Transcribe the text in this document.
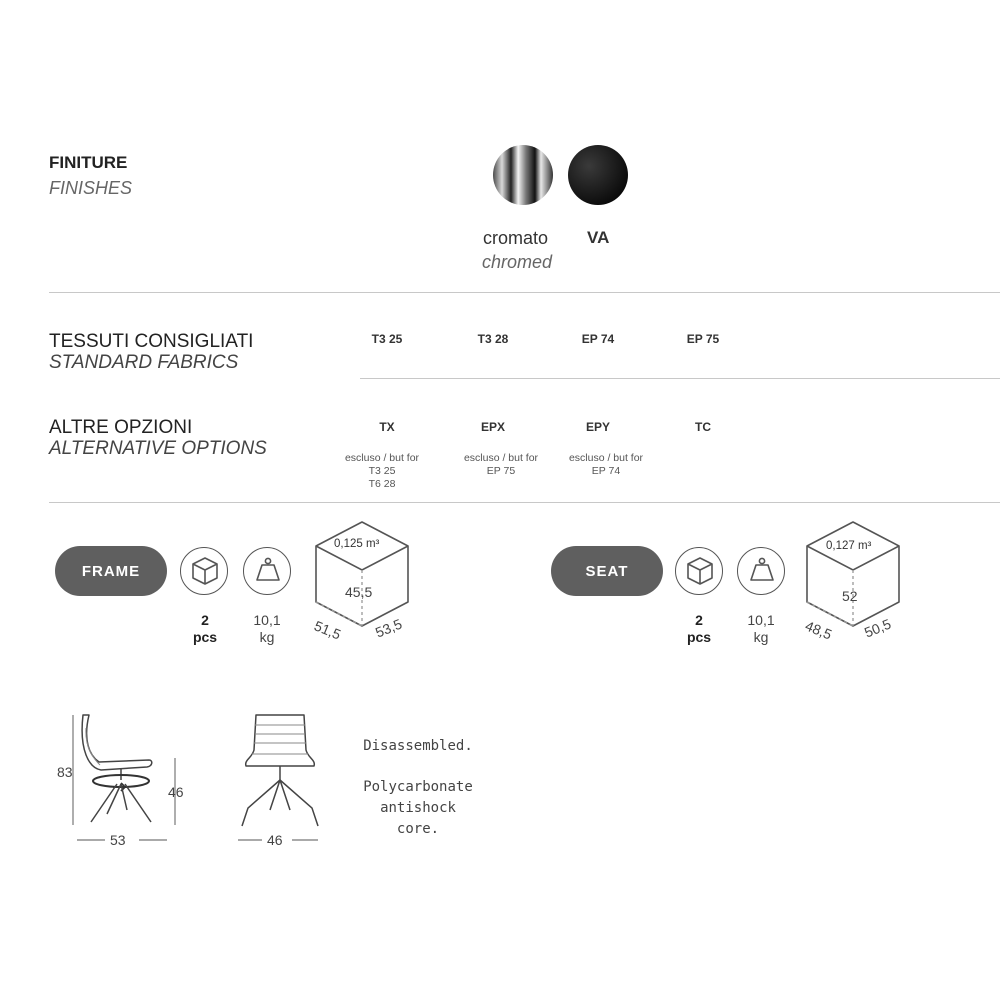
FINITURE
FINISHES
cromato
chromed
VA
TESSUTI CONSIGLIATI
STANDARD FABRICS
T3 25	T3 28	EP 74	EP 75
ALTRE OPZIONI
ALTERNATIVE OPTIONS
TX
escluso / but for
T3 25
T6 28
EPX
escluso / but for
EP 75
EPY
escluso / but for
EP 74
TC
FRAME
2
pcs
10,1
kg
0,125 m³
45,5
51,5 53,5
SEAT
2
pcs
10,1
kg
0,127 m³
52
48,5 50,5
83
46
53	46
Disassembled.
Polycarbonate
antishock
core.
